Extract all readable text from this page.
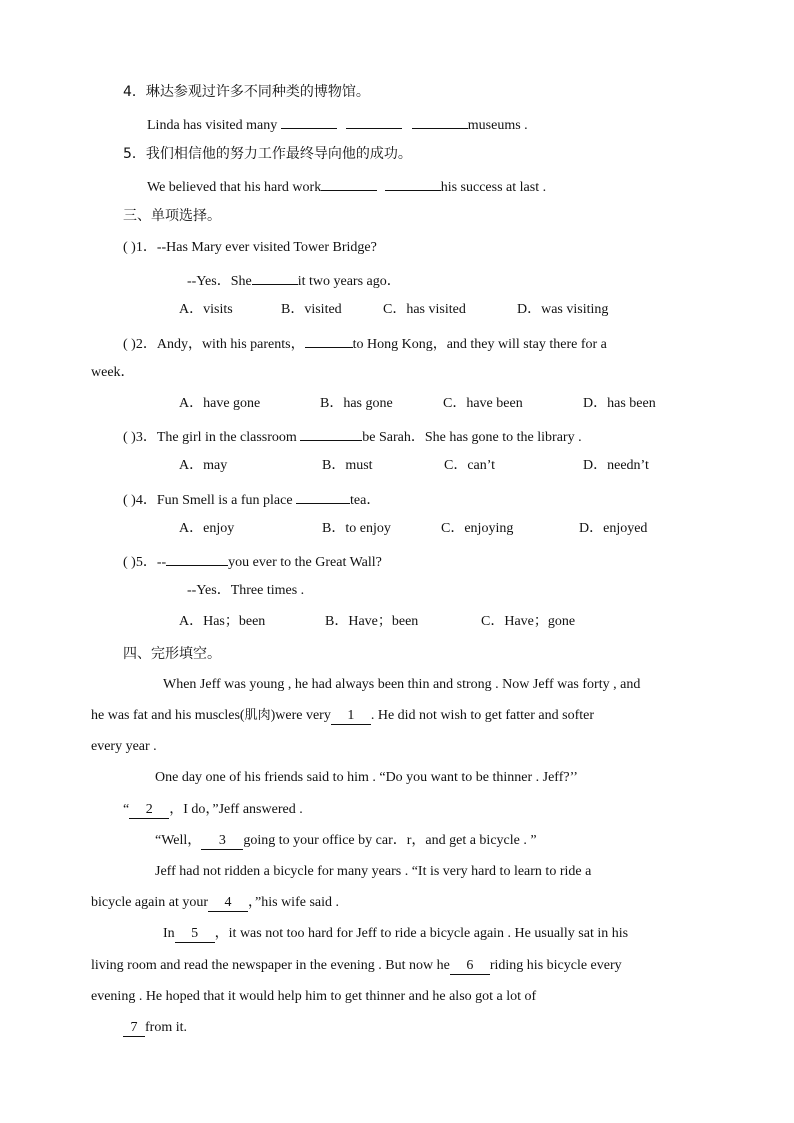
4．琳达参观过许多不同种类的博物馆。
Linda has visited many	museums .
5．我们相信他的努力工作最终导向他的成功。
We believed that his hard work	his success at last .
三、单项选择。
( )1．--Has Mary ever visited Tower Bridge?
--Yes．She	it two years ago．
A．visits	B．visited	C．has visited	D．was visiting
( )2．Andy，with his parents，	to Hong Kong，and they will stay there for a
week．
A．have gone	B．has gone	C．have been	D．has been
( )3．The girl in the classroom	be Sarah．She has gone to the library .
A．may	B．must	C．can’t	D．needn’t
( )4．Fun Smell is a fun place	tea．
A．enjoy	B．to enjoy	C．enjoying	D．enjoyed
( )5．--	you ever to the Great Wall?
--Yes．Three times .
A．Has；been	B．Have；been	C．Have；gone
四、完形填空。
When Jeff was young , he had always been thin and strong . Now Jeff was forty , and
he was fat and his muscles(肌肉)were very 1 . He did not wish to get fatter and softer
every year .
One day one of his friends said to him . “Do you want to be thinner . Jeff?’’
“ 2 ，I do，”Jeff answered .
“Well， 3 going to your office by car．r，and get a bicycle . ”
Jeff had not ridden a bicycle for many years . “It is very hard to learn to ride a
bicycle again at your 4 ，”his wife said .
In 5 ，it was not too hard for Jeff to ride a bicycle again . He usually sat in his
living room and read the newspaper in the evening . But now he 6 riding his bicycle every
evening . He hoped that it would help him to get thinner and he also got a lot of
7 from it.
